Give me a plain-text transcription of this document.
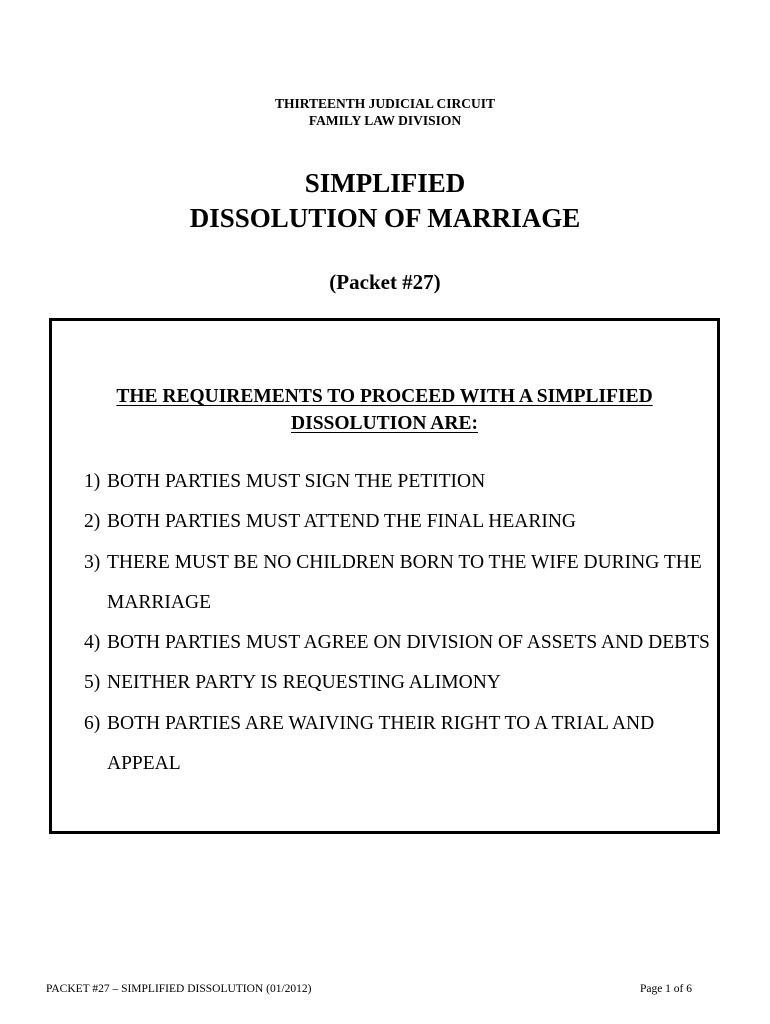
THIRTEENTH JUDICIAL CIRCUIT
FAMILY LAW DIVISION
SIMPLIFIED
DISSOLUTION OF MARRIAGE
(Packet #27)
THE REQUIREMENTS TO PROCEED WITH A SIMPLIFIED
DISSOLUTION ARE:
1) BOTH PARTIES MUST SIGN THE PETITION
2) BOTH PARTIES MUST ATTEND THE FINAL HEARING
3) THERE MUST BE NO CHILDREN BORN TO THE WIFE DURING THE MARRIAGE
4) BOTH PARTIES MUST AGREE ON DIVISION OF ASSETS AND DEBTS
5) NEITHER PARTY IS REQUESTING ALIMONY
6) BOTH PARTIES ARE WAIVING THEIR RIGHT TO A TRIAL AND APPEAL
PACKET #27 – SIMPLIFIED DISSOLUTION (01/2012)	Page 1 of 6
